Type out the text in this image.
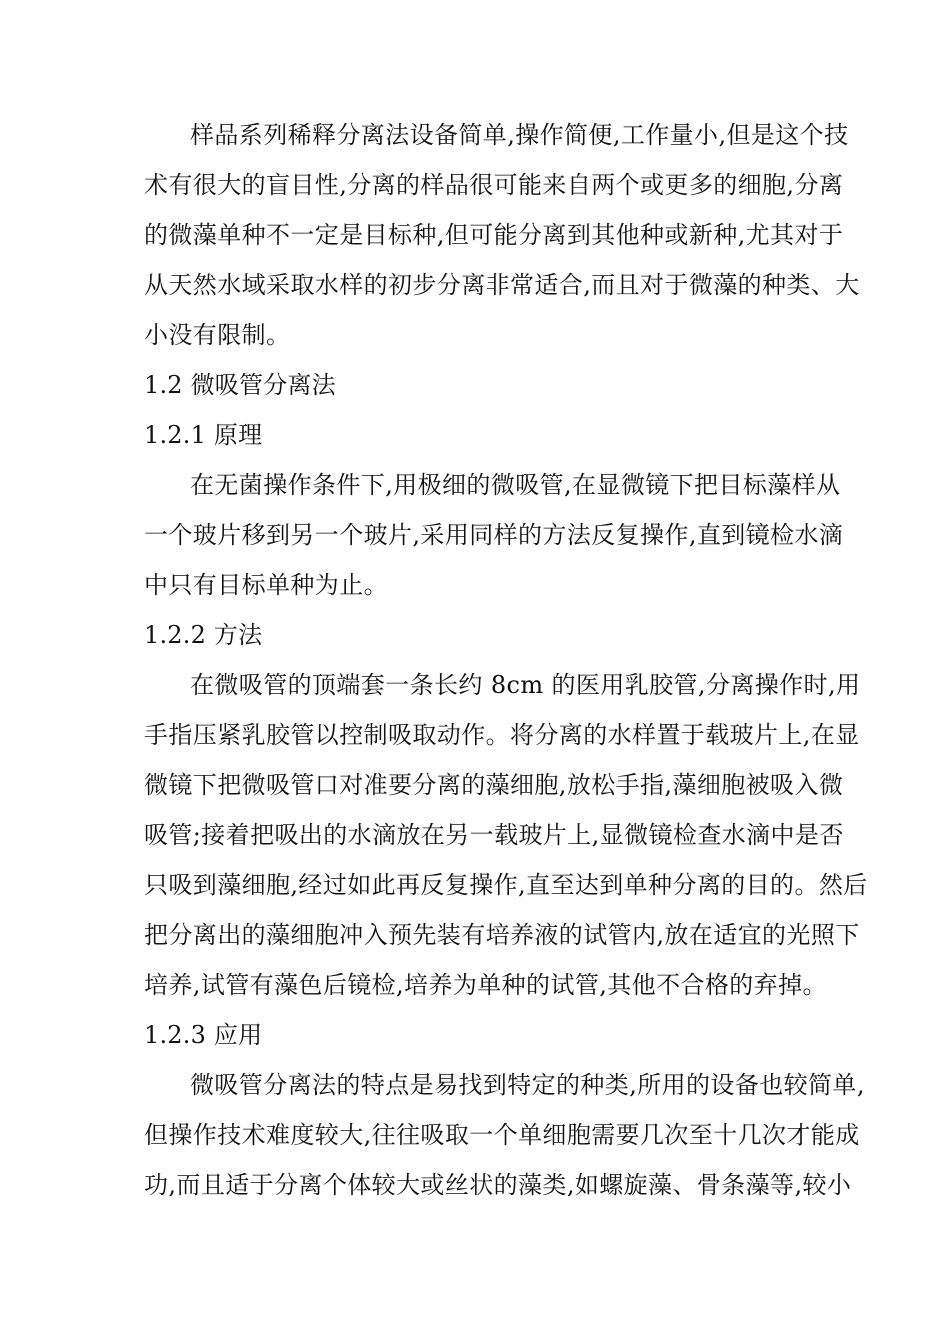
样品系列稀释分离法设备简单,操作简便,工作量小,但是这个技
术有很大的盲目性,分离的样品很可能来自两个或更多的细胞,分离
的微藻单种不一定是目标种,但可能分离到其他种或新种,尤其对于
从天然水域采取水样的初步分离非常适合,而且对于微藻的种类、大
小没有限制。
1.2 微吸管分离法
1.2.1 原理
在无菌操作条件下,用极细的微吸管,在显微镜下把目标藻样从
一个玻片移到另一个玻片,采用同样的方法反复操作,直到镜检水滴
中只有目标单种为止。
1.2.2 方法
在微吸管的顶端套一条长约 8cm 的医用乳胶管,分离操作时,用
手指压紧乳胶管以控制吸取动作。将分离的水样置于载玻片上,在显
微镜下把微吸管口对准要分离的藻细胞,放松手指,藻细胞被吸入微
吸管;接着把吸出的水滴放在另一载玻片上,显微镜检查水滴中是否
只吸到藻细胞,经过如此再反复操作,直至达到单种分离的目的。然后
把分离出的藻细胞冲入预先装有培养液的试管内,放在适宜的光照下
培养,试管有藻色后镜检,培养为单种的试管,其他不合格的弃掉。
1.2.3 应用
微吸管分离法的特点是易找到特定的种类,所用的设备也较简单,
但操作技术难度较大,往往吸取一个单细胞需要几次至十几次才能成
功,而且适于分离个体较大或丝状的藻类,如螺旋藻、骨条藻等,较小
